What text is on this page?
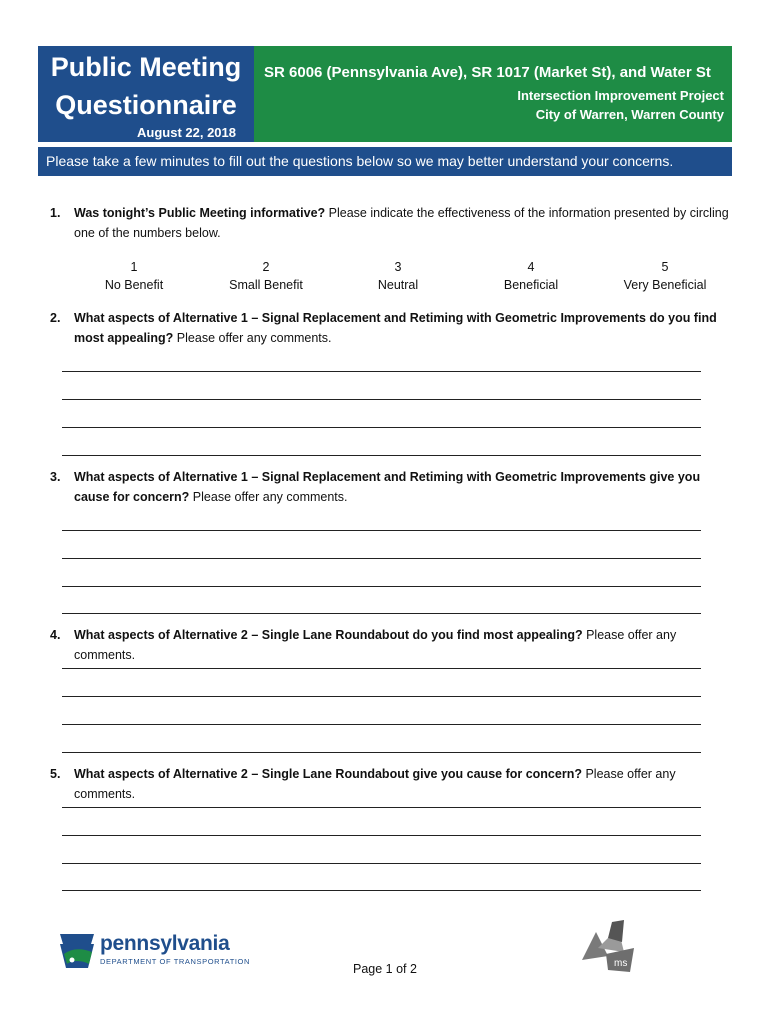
Public Meeting
Questionnaire
August 22, 2018
SR 6006 (Pennsylvania Ave), SR 1017 (Market St), and Water St
Intersection Improvement Project
City of Warren, Warren County
Please take a few minutes to fill out the questions below so we may better understand your concerns.
1. Was tonight’s Public Meeting informative? Please indicate the effectiveness of the information presented by circling one of the numbers below.
1
No Benefit
2
Small Benefit
3
Neutral
4
Beneficial
5
Very Beneficial
2. What aspects of Alternative 1 – Signal Replacement and Retiming with Geometric Improvements do you find most appealing? Please offer any comments.
3. What aspects of Alternative 1 – Signal Replacement and Retiming with Geometric Improvements give you cause for concern? Please offer any comments.
4. What aspects of Alternative 2 – Single Lane Roundabout do you find most appealing? Please offer any comments.
5. What aspects of Alternative 2 – Single Lane Roundabout give you cause for concern? Please offer any comments.
pennsylvania
DEPARTMENT OF TRANSPORTATION
Page 1 of 2	ms
